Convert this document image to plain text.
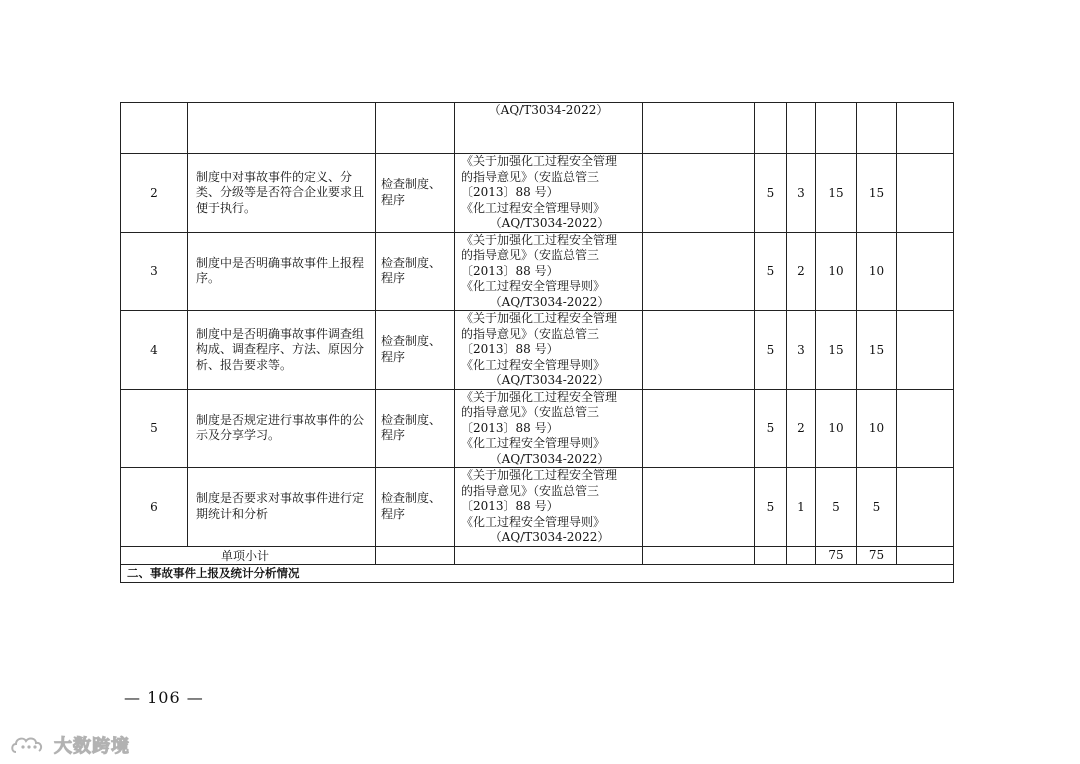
			（AQ/T3034-2022）						
2	制度中对事故事件的定义、分类、分级等是否符合企业要求且便于执行。	检查制度、程序	《关于加强化工过程安全管理
的指导意见》（安监总管三
〔2013〕88 号）
《化工过程安全管理导则》
（AQ/T3034-2022）		5	3	15	15	
3	制度中是否明确事故事件上报程序。	检查制度、程序	《关于加强化工过程安全管理
的指导意见》（安监总管三
〔2013〕88 号）
《化工过程安全管理导则》
（AQ/T3034-2022）		5	2	10	10	
4	制度中是否明确事故事件调查组构成、调查程序、方法、原因分析、报告要求等。	检查制度、程序	《关于加强化工过程安全管理
的指导意见》（安监总管三
〔2013〕88 号）
《化工过程安全管理导则》
（AQ/T3034-2022）		5	3	15	15	
5	制度是否规定进行事故事件的公示及分享学习。	检查制度、程序	《关于加强化工过程安全管理
的指导意见》（安监总管三
〔2013〕88 号）
《化工过程安全管理导则》
（AQ/T3034-2022）		5	2	10	10	
6	制度是否要求对事故事件进行定期统计和分析	检查制度、程序	《关于加强化工过程安全管理
的指导意见》（安监总管三
〔2013〕88 号）
《化工过程安全管理导则》
（AQ/T3034-2022）		5	1	5	5	
单项小计							75	75	
二、事故事件上报及统计分析情况									
— 106 —
大数跨境
